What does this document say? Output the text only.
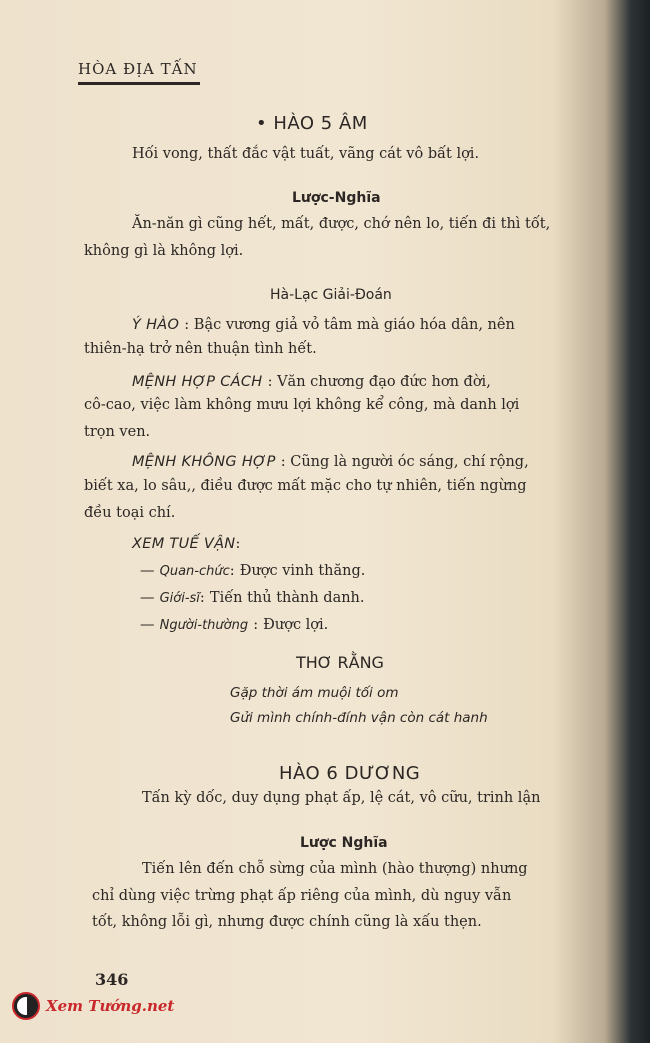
HÒA ĐỊA TẤN
• HÀO 5 ÂM
Hối vong, thất đắc vật tuất, vãng cát vô bất lợi.
Lược-Nghĩa
Ăn-năn gì cũng hết, mất, được, chớ nên lo, tiến đi thì tốt,
không gì là không lợi.
Hà-Lạc Giải-Đoán
Ý HÀO : Bậc vương giả vỏ tâm mà giáo hóa dân, nên
thiên-hạ trở nên thuận tình hết.
MỆNH HỢP CÁCH : Văn chương đạo đức hơn đời,
cô-cao, việc làm không mưu lợi không kể công, mà danh lợi
trọn ven.
MỆNH KHÔNG HỢP : Cũng là người óc sáng, chí rộng,
biết xa, lo sâu,, điều được mất mặc cho tự nhiên, tiến ngừng
đều toại chí.
XEM TUẾ VẬN:
— Quan-chức: Được vinh thăng.
— Giới-sĩ: Tiến thủ thành danh.
— Người-thường : Được lợi.
THƠ RẰNG
Gặp thời ám muội tối om
Gửi mình chính-đính vận còn cát hanh
HÀO 6 DƯƠNG
Tấn kỳ dốc, duy dụng phạt ấp, lệ cát, vô cữu, trinh lận
Lược Nghĩa
Tiến lên đến chỗ sừng của mình (hào thượng) nhưng
chỉ dùng việc trừng phạt ấp riêng của mình, dù nguy vẫn
tốt, không lỗi gì, nhưng được chính cũng là xấu thẹn.
346
Xem Tướng.net
